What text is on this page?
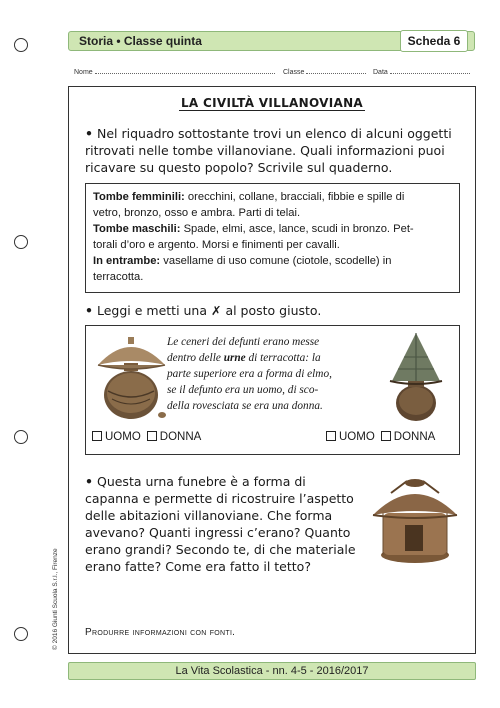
Storia • Classe quinta	Scheda 6
Nome	Classe	Data
LA CIVILTÀ VILLANOVIANA
• Nel riquadro sottostante trovi un elenco di alcuni oggetti
ritrovati nelle tombe villanoviane. Quali informazioni puoi
ricavare su questo popolo? Scrivile sul quaderno.
Tombe femminili: orecchini, collane, bracciali, fibbie e spille di
vetro, bronzo, osso e ambra. Parti di telai.
Tombe maschili: Spade, elmi, asce, lance, scudi in bronzo. Pet-
torali d’oro e argento. Morsi e finimenti per cavalli.
In entrambe: vasellame di uso comune (ciotole, scodelle) in
terracotta.
• Leggi e metti una ✗ al posto giusto.
Le ceneri dei defunti erano messe
dentro delle urne di terracotta: la
parte superiore era a forma di elmo,
se il defunto era un uomo, di sco-
della rovesciata se era una donna.
UOMO DONNA	UOMO DONNA
• Questa urna funebre è a forma di
capanna e permette di ricostruire l’aspetto
delle abitazioni villanoviane. Che forma
avevano? Quanti ingressi c’erano? Quanto
erano grandi? Secondo te, di che materiale
erano fatte? Come era fatto il tetto?
Produrre informazioni con fonti.
La Vita Scolastica - nn. 4-5 - 2016/2017
© 2016 Giunti Scuola S.r.l., Firenze
